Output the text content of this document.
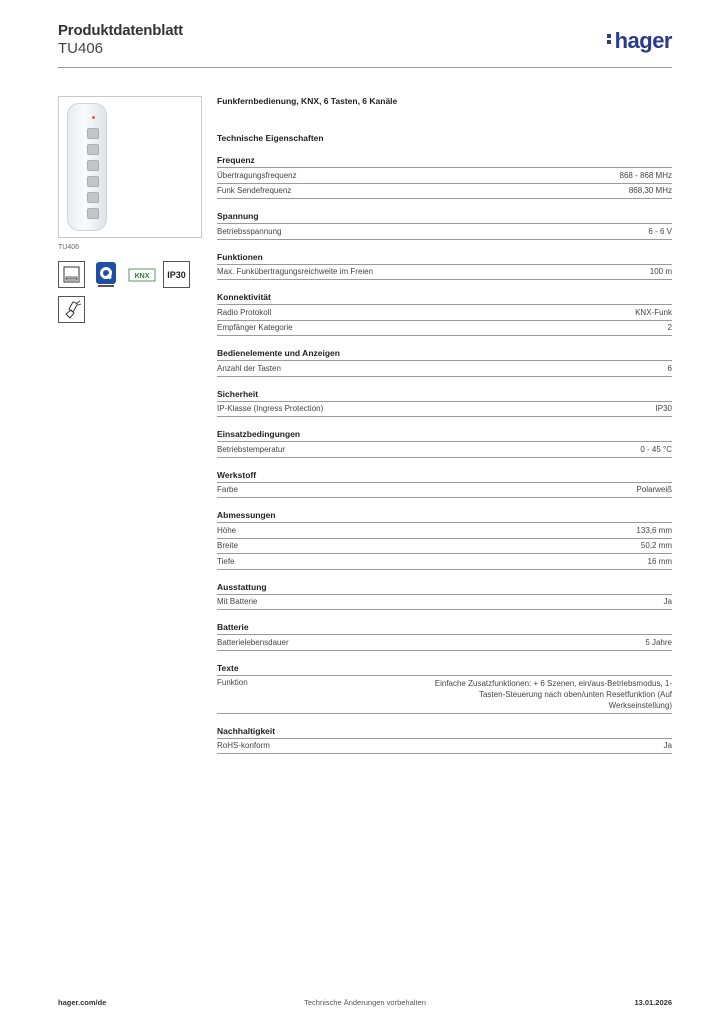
Produktdatenblatt
TU406	hager
TU406
KNX IP30
Funkfernbedienung, KNX, 6 Tasten, 6 Kanäle
Technische Eigenschaften
Frequenz
Übertragungsfrequenz	868 - 868 MHz
Funk Sendefrequenz	868,30 MHz
Spannung
Betriebsspannung	6 - 6 V
Funktionen
Max. Funkübertragungsreichweite im Freien	100 m
Konnektivität
Radio Protokoll	KNX-Funk
Empfänger Kategorie	2
Bedienelemente und Anzeigen
Anzahl der Tasten	6
Sicherheit
IP-Klasse (Ingress Protection)	IP30
Einsatzbedingungen
Betriebstemperatur	0 - 45 °C
Werkstoff
Farbe	Polarweiß
Abmessungen
Höhe	133,6 mm
Breite	50,2 mm
Tiefe	16 mm
Ausstattung
Mit Batterie	Ja
Batterie
Batterielebensdauer	5 Jahre
Texte
Funktion	Einfache Zusatzfunktionen: + 6 Szenen, ein/aus-Betriebsmodus, 1-Tasten-Steuerung nach oben/unten Resetfunktion (Auf Werkseinstellung)
Nachhaltigkeit
RoHS-konform	Ja
hager.com/de	Technische Änderungen vorbehalten	13.01.2026
